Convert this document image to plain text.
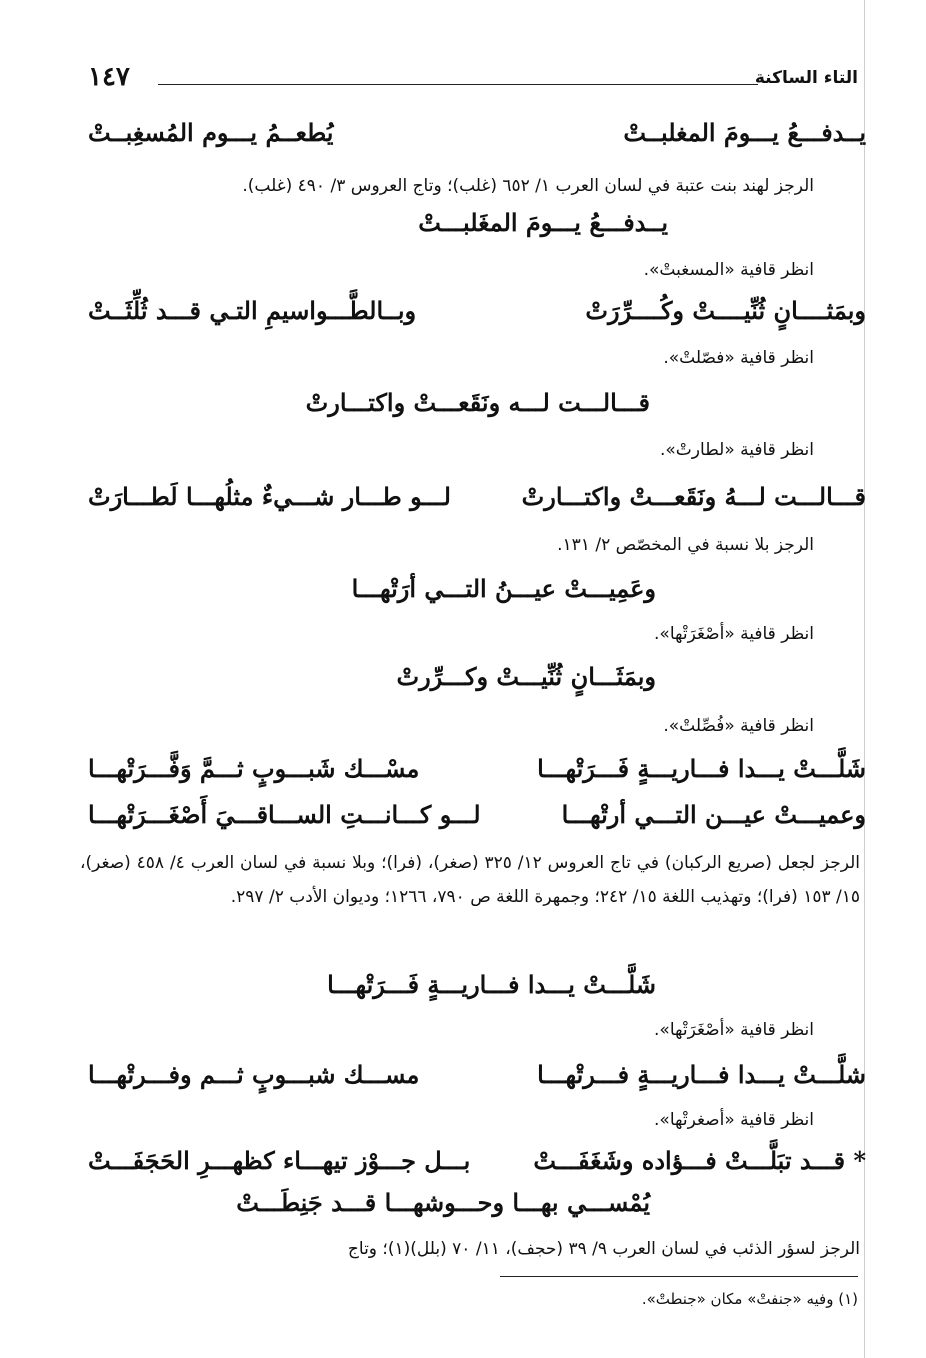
١٤٧	التاء الساكنة
يــدفـــعُ يـــومَ المغلبــتْ
يُطعــمُ يـــوم المُسغِبــتْ
الرجز لهند بنت عتبة في لسان العرب ١/ ٦٥٢ (غلب)؛ وتاج العروس ٣/ ٤٩٠ (غلب).
يــدفـــعُ يـــومَ المغَلبـــتْ
انظر قافية «المسغبتْ».
وبمَثــــانٍ ثُنِّيــــتْ وكُــــرِّرَتْ
وبــالطَّـــواسيمِ التـي قـــد ثُلِّثَــتْ
انظر قافية «فصّلتْ».
قـــالـــت لـــه ونَقَعـــتْ واكتـــارتْ
انظر قافية «لطارتْ».
قـــالـــت لـــهُ ونَقَعـــتْ واكتـــارتْ
لـــو طـــار شـــيءٌ مثلُهـــا لَطـــارَتْ
الرجز بلا نسبة في المخصّص ٢/ ١٣١.
وعَمِيـــتْ عيـــنُ التـــي أرَتْهـــا
انظر قافية «أصْغَرَتْها».
وبمَثَـــانٍ ثُنِّيـــتْ وكـــرِّرتْ
انظر قافية «فُصِّلتْ».
شَلَّـــتْ يـــدا فـــاريـــةٍ فَـــرَتْهـــا
مسْـــك شَبـــوبٍ ثـــمَّ وَفَّـــرَتْهـــا
وعميـــتْ عيـــن التـــي أرتْهـــا
لـــو كـــانـــتِ الســـاقـــيَ أَصْغَـــرَتْهـــا
الرجز لجعل (صريع الركبان) في تاج العروس ١٢/ ٣٢٥ (صغر)، (فرا)؛ وبلا نسبة في لسان العرب ٤/ ٤٥٨ (صغر)، ١٥/ ١٥٣ (فرا)؛ وتهذيب اللغة ١٥/ ٢٤٢؛ وجمهرة اللغة ص ٧٩٠، ١٢٦٦؛ وديوان الأدب ٢/ ٢٩٧.
شَلَّـــتْ يـــدا فـــاريـــةٍ فَـــرَتْهـــا
انظر قافية «أصْغَرَتْها».
شلَّـــتْ يـــدا فـــاريـــةٍ فـــرتْهـــا
مســـك شبـــوبٍ ثـــم وفـــرتْهـــا
انظر قافية «أصغرتْها».
* قـــد تبَلَّـــتْ فـــؤاده وشَغَفَـــتْ
بـــل جـــوْز تيهـــاء كظهـــرِ الحَجَفَـــتْ
يُمْســـي بهـــا وحـــوشهـــا قـــد جَنِطَـــتْ
الرجز لسؤر الذئب في لسان العرب ٩/ ٣٩ (حجف)، ١١/ ٧٠ (بلل)(١)؛ وتاج
(١) وفيه «جنفتْ» مكان «جنطتْ».
